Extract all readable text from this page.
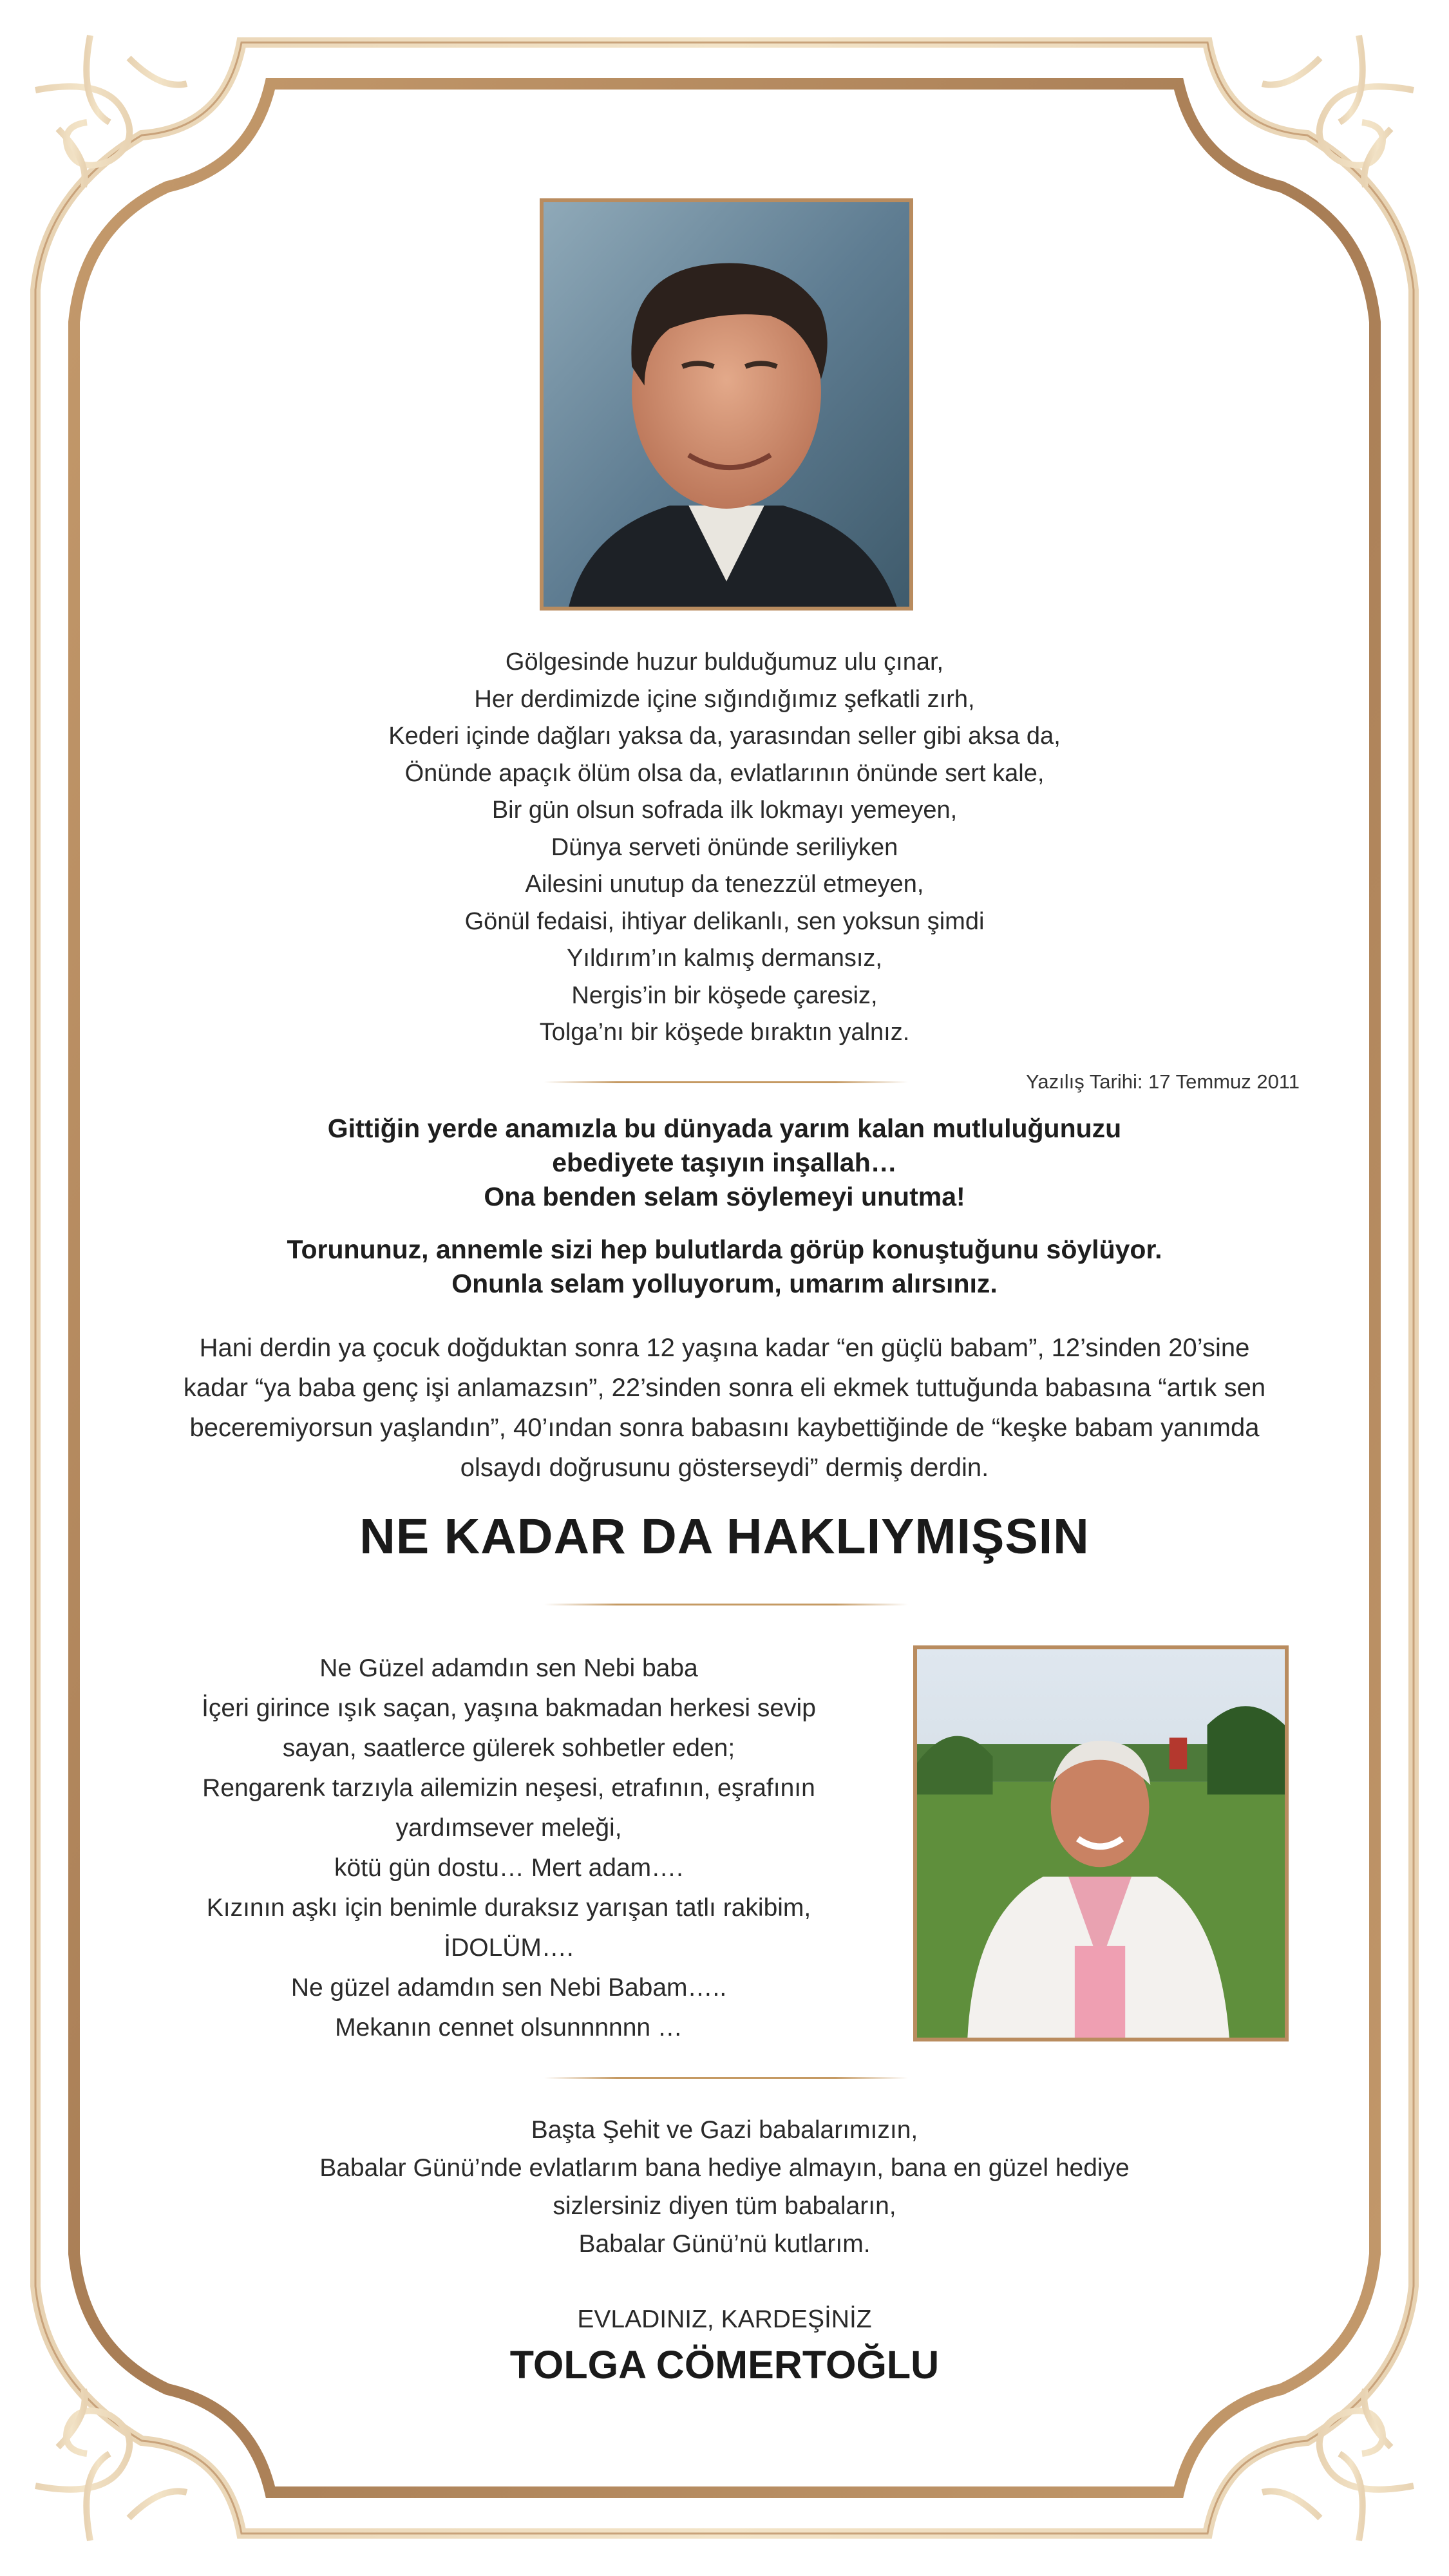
Gölgesinde huzur bulduğumuz ulu çınar,
Her derdimizde içine sığındığımız şefkatli zırh,
Kederi içinde dağları yaksa da, yarasından seller gibi aksa da,
Önünde apaçık ölüm olsa da, evlatlarının önünde sert kale,
Bir gün olsun sofrada ilk lokmayı yemeyen,
Dünya serveti önünde seriliyken
Ailesini unutup da tenezzül etmeyen,
Gönül fedaisi, ihtiyar delikanlı, sen yoksun şimdi
Yıldırım’ın kalmış dermansız,
Nergis’in bir köşede çaresiz,
Tolga’nı bir köşede bıraktın yalnız.
Yazılış Tarihi: 17 Temmuz 2011
Gittiğin yerde anamızla bu dünyada yarım kalan mutluluğunuzu
ebediyete taşıyın inşallah…
Ona benden selam söylemeyi unutma!
Torununuz, annemle sizi hep bulutlarda görüp konuştuğunu söylüyor.
Onunla selam yolluyorum, umarım alırsınız.
Hani derdin ya çocuk doğduktan sonra 12 yaşına kadar “en güçlü babam”, 12’sinden 20’sine
kadar “ya baba genç işi anlamazsın”, 22’sinden sonra eli ekmek tuttuğunda babasına “artık sen
beceremiyorsun yaşlandın”, 40’ından sonra babasını kaybettiğinde de “keşke babam yanımda
olsaydı doğrusunu gösterseydi” dermiş derdin.
NE KADAR DA HAKLIYMIŞSIN
Ne Güzel adamdın sen Nebi baba
İçeri girince ışık saçan, yaşına bakmadan herkesi sevip
sayan, saatlerce gülerek sohbetler eden;
Rengarenk tarzıyla ailemizin neşesi, etrafının, eşrafının
yardımsever meleği,
kötü gün dostu… Mert adam….
Kızının aşkı için benimle duraksız yarışan tatlı rakibim,
İDOLÜM….
Ne güzel adamdın sen Nebi Babam…..
Mekanın cennet olsunnnnnn …
Başta Şehit ve Gazi babalarımızın,
Babalar Günü’nde evlatlarım bana hediye almayın, bana en güzel hediye
sizlersiniz diyen tüm babaların,
Babalar Günü’nü kutlarım.
EVLADINIZ, KARDEŞİNİZ
TOLGA CÖMERTOĞLU
